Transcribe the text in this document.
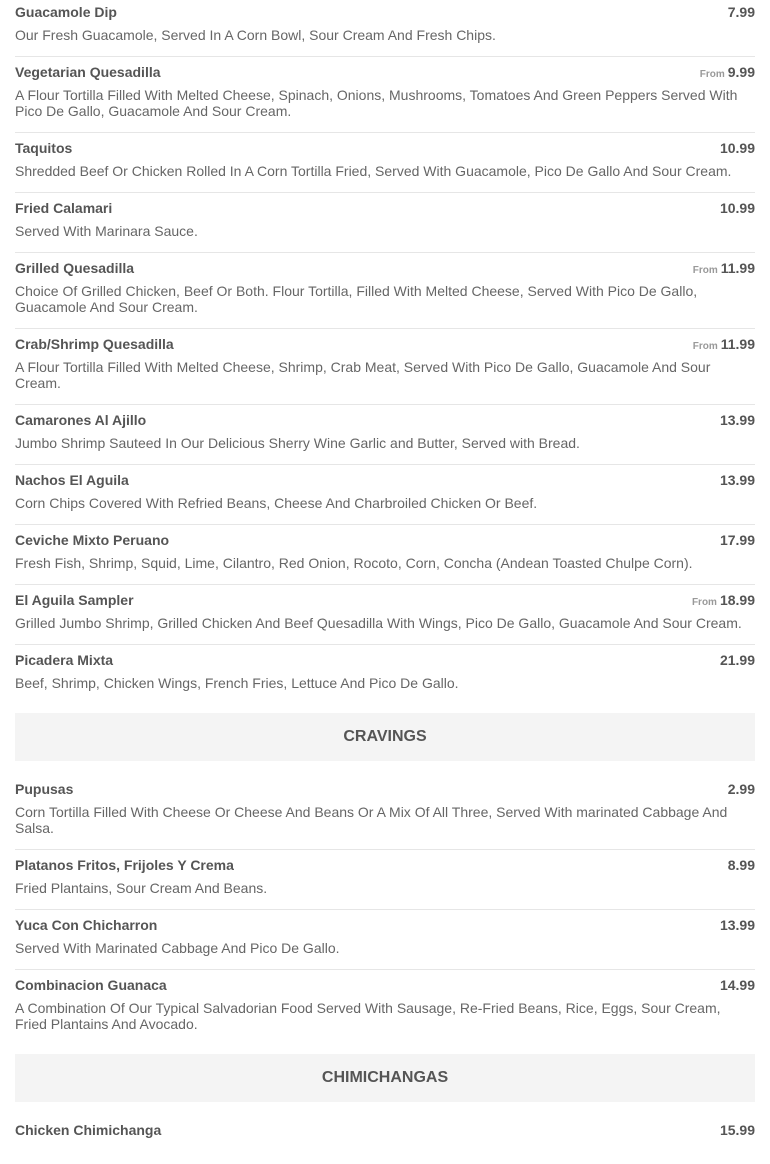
Guacamole Dip	7.99
Our Fresh Guacamole, Served In A Corn Bowl, Sour Cream And Fresh Chips.
Vegetarian Quesadilla	From 9.99
A Flour Tortilla Filled With Melted Cheese, Spinach, Onions, Mushrooms, Tomatoes And Green Peppers Served With Pico De Gallo, Guacamole And Sour Cream.
Taquitos	10.99
Shredded Beef Or Chicken Rolled In A Corn Tortilla Fried, Served With Guacamole, Pico De Gallo And Sour Cream.
Fried Calamari	10.99
Served With Marinara Sauce.
Grilled Quesadilla	From 11.99
Choice Of Grilled Chicken, Beef Or Both. Flour Tortilla, Filled With Melted Cheese, Served With Pico De Gallo, Guacamole And Sour Cream.
Crab/Shrimp Quesadilla	From 11.99
A Flour Tortilla Filled With Melted Cheese, Shrimp, Crab Meat, Served With Pico De Gallo, Guacamole And Sour Cream.
Camarones Al Ajillo	13.99
Jumbo Shrimp Sauteed In Our Delicious Sherry Wine Garlic and Butter, Served with Bread.
Nachos El Aguila	13.99
Corn Chips Covered With Refried Beans, Cheese And Charbroiled Chicken Or Beef.
Ceviche Mixto Peruano	17.99
Fresh Fish, Shrimp, Squid, Lime, Cilantro, Red Onion, Rocoto, Corn, Concha (Andean Toasted Chulpe Corn).
El Aguila Sampler	From 18.99
Grilled Jumbo Shrimp, Grilled Chicken And Beef Quesadilla With Wings, Pico De Gallo, Guacamole And Sour Cream.
Picadera Mixta	21.99
Beef, Shrimp, Chicken Wings, French Fries, Lettuce And Pico De Gallo.
CRAVINGS
Pupusas	2.99
Corn Tortilla Filled With Cheese Or Cheese And Beans Or A Mix Of All Three, Served With marinated Cabbage And Salsa.
Platanos Fritos, Frijoles Y Crema	8.99
Fried Plantains, Sour Cream And Beans.
Yuca Con Chicharron	13.99
Served With Marinated Cabbage And Pico De Gallo.
Combinacion Guanaca	14.99
A Combination Of Our Typical Salvadorian Food Served With Sausage, Re-Fried Beans, Rice, Eggs, Sour Cream, Fried Plantains And Avocado.
CHIMICHANGAS
Chicken Chimichanga	15.99
